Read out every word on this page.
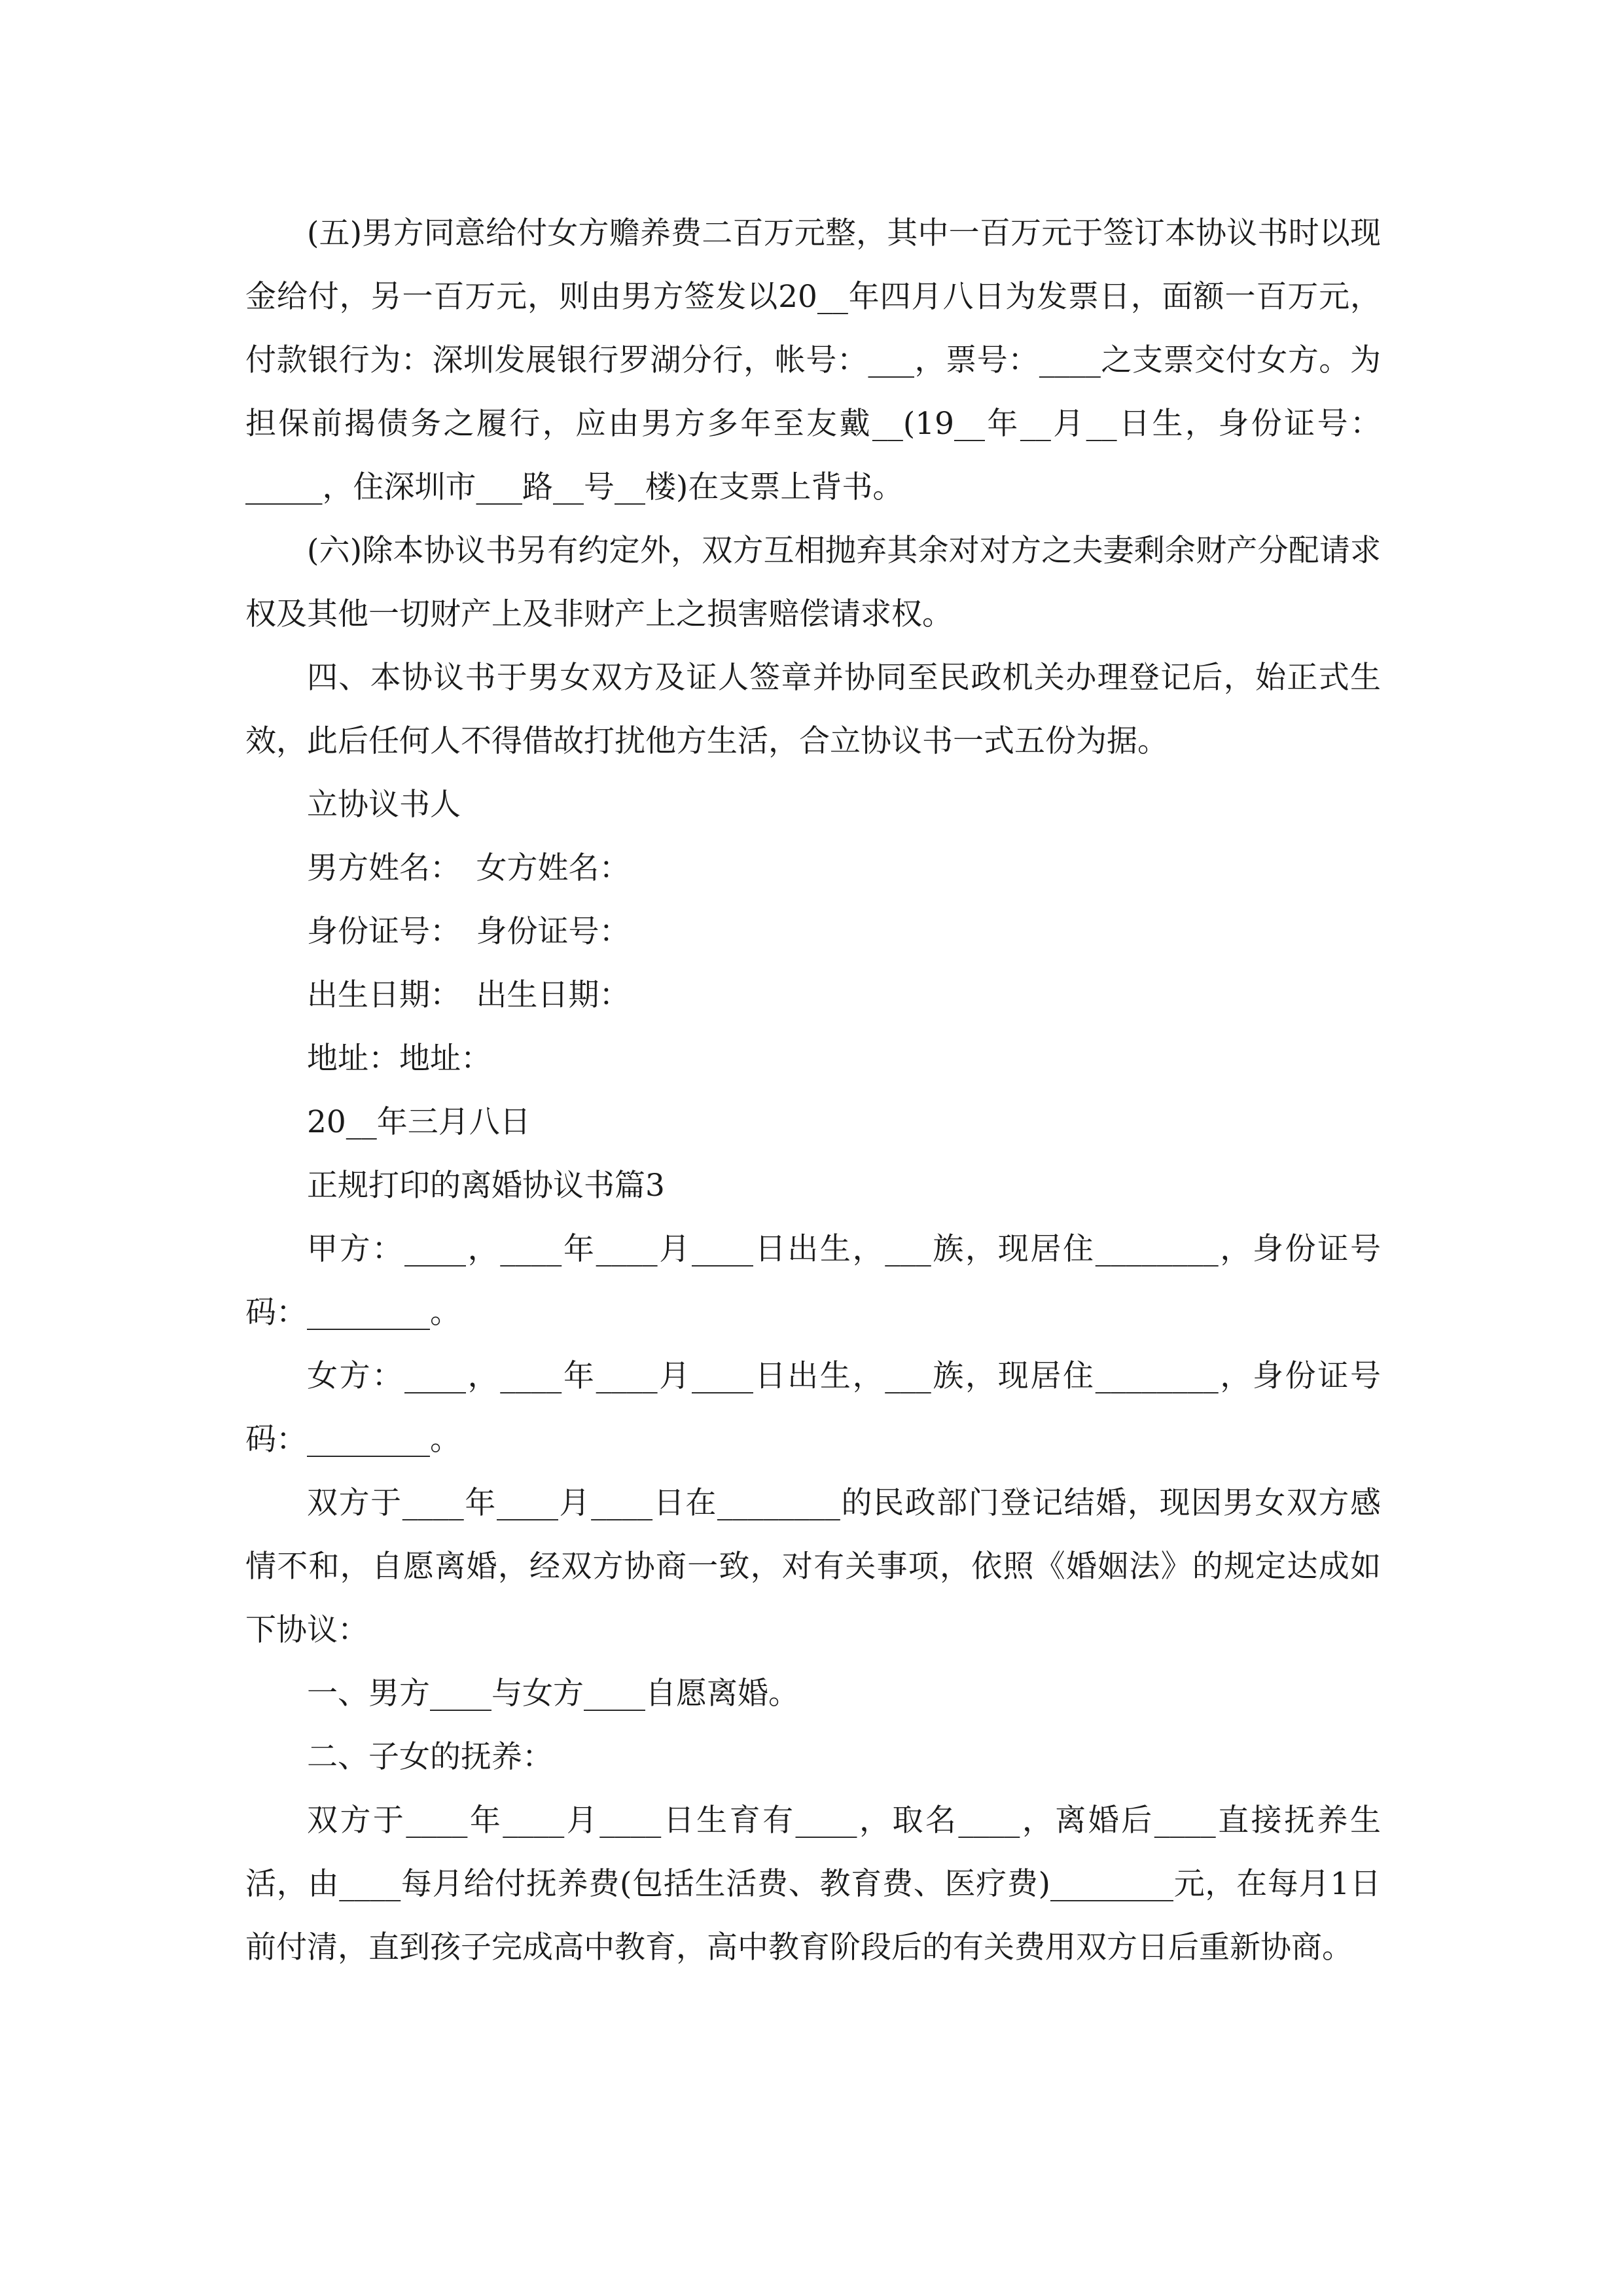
(五)男方同意给付女方赡养费二百万元整，其中一百万元于签订本协议书时以现金给付，另一百万元，则由男方签发以20__年四月八日为发票日，面额一百万元，付款银行为：深圳发展银行罗湖分行，帐号：___，票号：____之支票交付女方。为担保前揭债务之履行，应由男方多年至友戴__(19__年__月__日生，身份证号：_____，住深圳市___路__号__楼)在支票上背书。

(六)除本协议书另有约定外，双方互相抛弃其余对对方之夫妻剩余财产分配请求权及其他一切财产上及非财产上之损害赔偿请求权。

四、本协议书于男女双方及证人签章并协同至民政机关办理登记后，始正式生效，此后任何人不得借故打扰他方生活，合立协议书一式五份为据。

立协议书人

男方姓名：　女方姓名：

身份证号：　身份证号：

出生日期：　出生日期：

地址：地址：

20__年三月八日

正规打印的离婚协议书篇3

甲方：____，____年____月____日出生，___族，现居住________，身份证号码：________。

女方：____，____年____月____日出生，___族，现居住________，身份证号码：________。

双方于____年____月____日在________的民政部门登记结婚，现因男女双方感情不和，自愿离婚，经双方协商一致，对有关事项，依照《婚姻法》的规定达成如下协议：

一、男方____与女方____自愿离婚。

二、子女的抚养：

双方于____年____月____日生育有____，取名____，离婚后____直接抚养生活，由____每月给付抚养费(包括生活费、教育费、医疗费)________元，在每月1日前付清，直到孩子完成高中教育，高中教育阶段后的有关费用双方日后重新协商。
